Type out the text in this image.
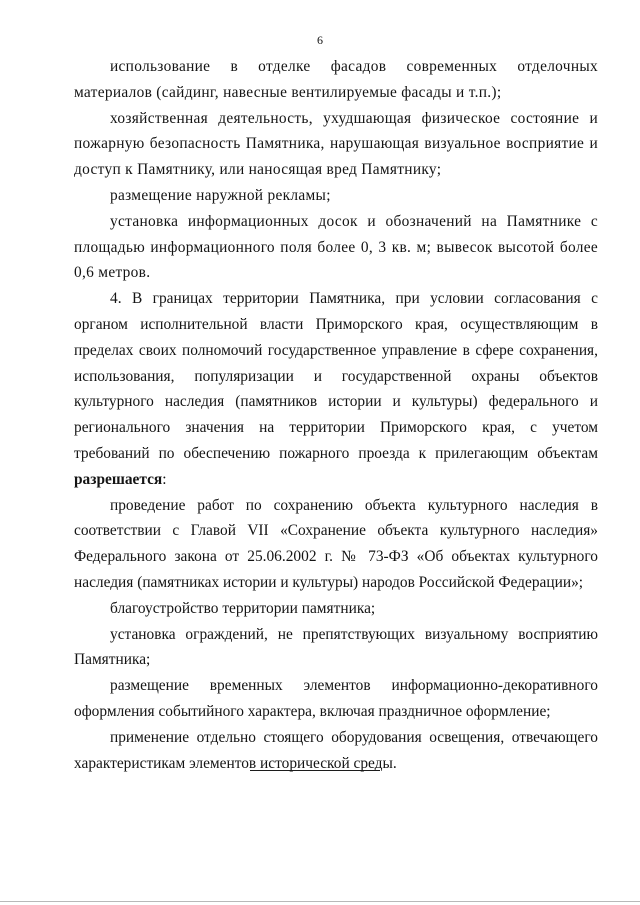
6

использование в отделке фасадов современных отделочных материалов (сайдинг, навесные вентилируемые фасады и т.п.);

хозяйственная деятельность, ухудшающая физическое состояние и пожарную безопасность Памятника, нарушающая визуальное восприятие и доступ к Памятнику, или наносящая вред Памятнику;

размещение наружной рекламы;

установка информационных досок и обозначений на Памятнике с площадью информационного поля более 0, 3 кв. м; вывесок высотой более 0,6 метров.

4. В границах территории Памятника, при условии согласования с органом исполнительной власти Приморского края, осуществляющим в пределах своих полномочий государственное управление в сфере сохранения, использования, популяризации и государственной охраны объектов культурного наследия (памятников истории и культуры) федерального и регионального значения на территории Приморского края, с учетом требований по обеспечению пожарного проезда к прилегающим объектам разрешается:

проведение работ по сохранению объекта культурного наследия в соответствии с Главой VII «Сохранение объекта культурного наследия» Федерального закона от 25.06.2002 г. № 73-ФЗ «Об объектах культурного наследия (памятниках истории и культуры) народов Российской Федерации»;

благоустройство территории памятника;

установка ограждений, не препятствующих визуальному восприятию Памятника;

размещение временных элементов информационно-декоративного оформления событийного характера, включая праздничное оформление;

применение отдельно стоящего оборудования освещения, отвечающего характеристикам элементов исторической среды.
